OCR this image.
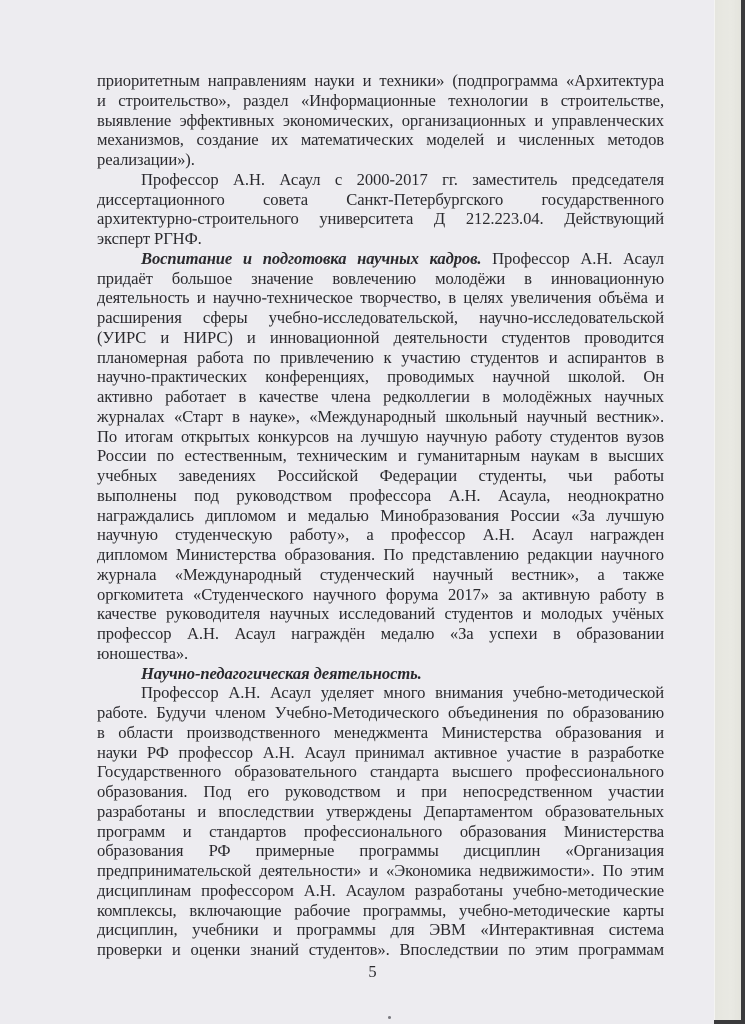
приоритетным направлениям науки и техники» (подпрограмма «Архитектура
и строительство», раздел «Информационные технологии в строительстве,
выявление эффективных экономических, организационных и управленческих
механизмов, создание их математических моделей и численных методов
реализации»).
Профессор А.Н. Асаул с 2000-2017 гг. заместитель председателя
диссертационного совета Санкт-Петербургского государственного
архитектурно-строительного университета Д 212.223.04. Действующий
эксперт РГНФ.
Воспитание и подготовка научных кадров. Профессор А.Н. Асаул
придаёт большое значение вовлечению молодёжи в инновационную
деятельность и научно-техническое творчество, в целях увеличения объёма и
расширения сферы учебно-исследовательской, научно-исследовательской
(УИРС и НИРС) и инновационной деятельности студентов проводится
планомерная работа по привлечению к участию студентов и аспирантов в
научно-практических конференциях, проводимых научной школой. Он
активно работает в качестве члена редколлегии в молодёжных научных
журналах «Старт в науке», «Международный школьный научный вестник».
По итогам открытых конкурсов на лучшую научную работу студентов вузов
России по естественным, техническим и гуманитарным наукам в высших
учебных заведениях Российской Федерации студенты, чьи работы
выполнены под руководством профессора А.Н. Асаула, неоднократно
награждались дипломом и медалью Минобразования России «За лучшую
научную студенческую работу», а профессор А.Н. Асаул награжден
дипломом Министерства образования. По представлению редакции научного
журнала «Международный студенческий научный вестник», а также
оргкомитета «Студенческого научного форума 2017» за активную работу в
качестве руководителя научных исследований студентов и молодых учёных
профессор А.Н. Асаул награждён медалю «За успехи в образовании
юношества».
Научно-педагогическая деятельность.
Профессор А.Н. Асаул уделяет много внимания учебно-методической
работе. Будучи членом Учебно-Методического объединения по образованию
в области производственного менеджмента Министерства образования и
науки РФ профессор А.Н. Асаул принимал активное участие в разработке
Государственного образовательного стандарта высшего профессионального
образования. Под его руководством и при непосредственном участии
разработаны и впоследствии утверждены Департаментом образовательных
программ и стандартов профессионального образования Министерства
образования РФ примерные программы дисциплин «Организация
предпринимательской деятельности» и «Экономика недвижимости». По этим
дисциплинам профессором А.Н. Асаулом разработаны учебно-методические
комплексы, включающие рабочие программы, учебно-методические карты
дисциплин, учебники и программы для ЭВМ «Интерактивная система
проверки и оценки знаний студентов». Впоследствии по этим программам
5
